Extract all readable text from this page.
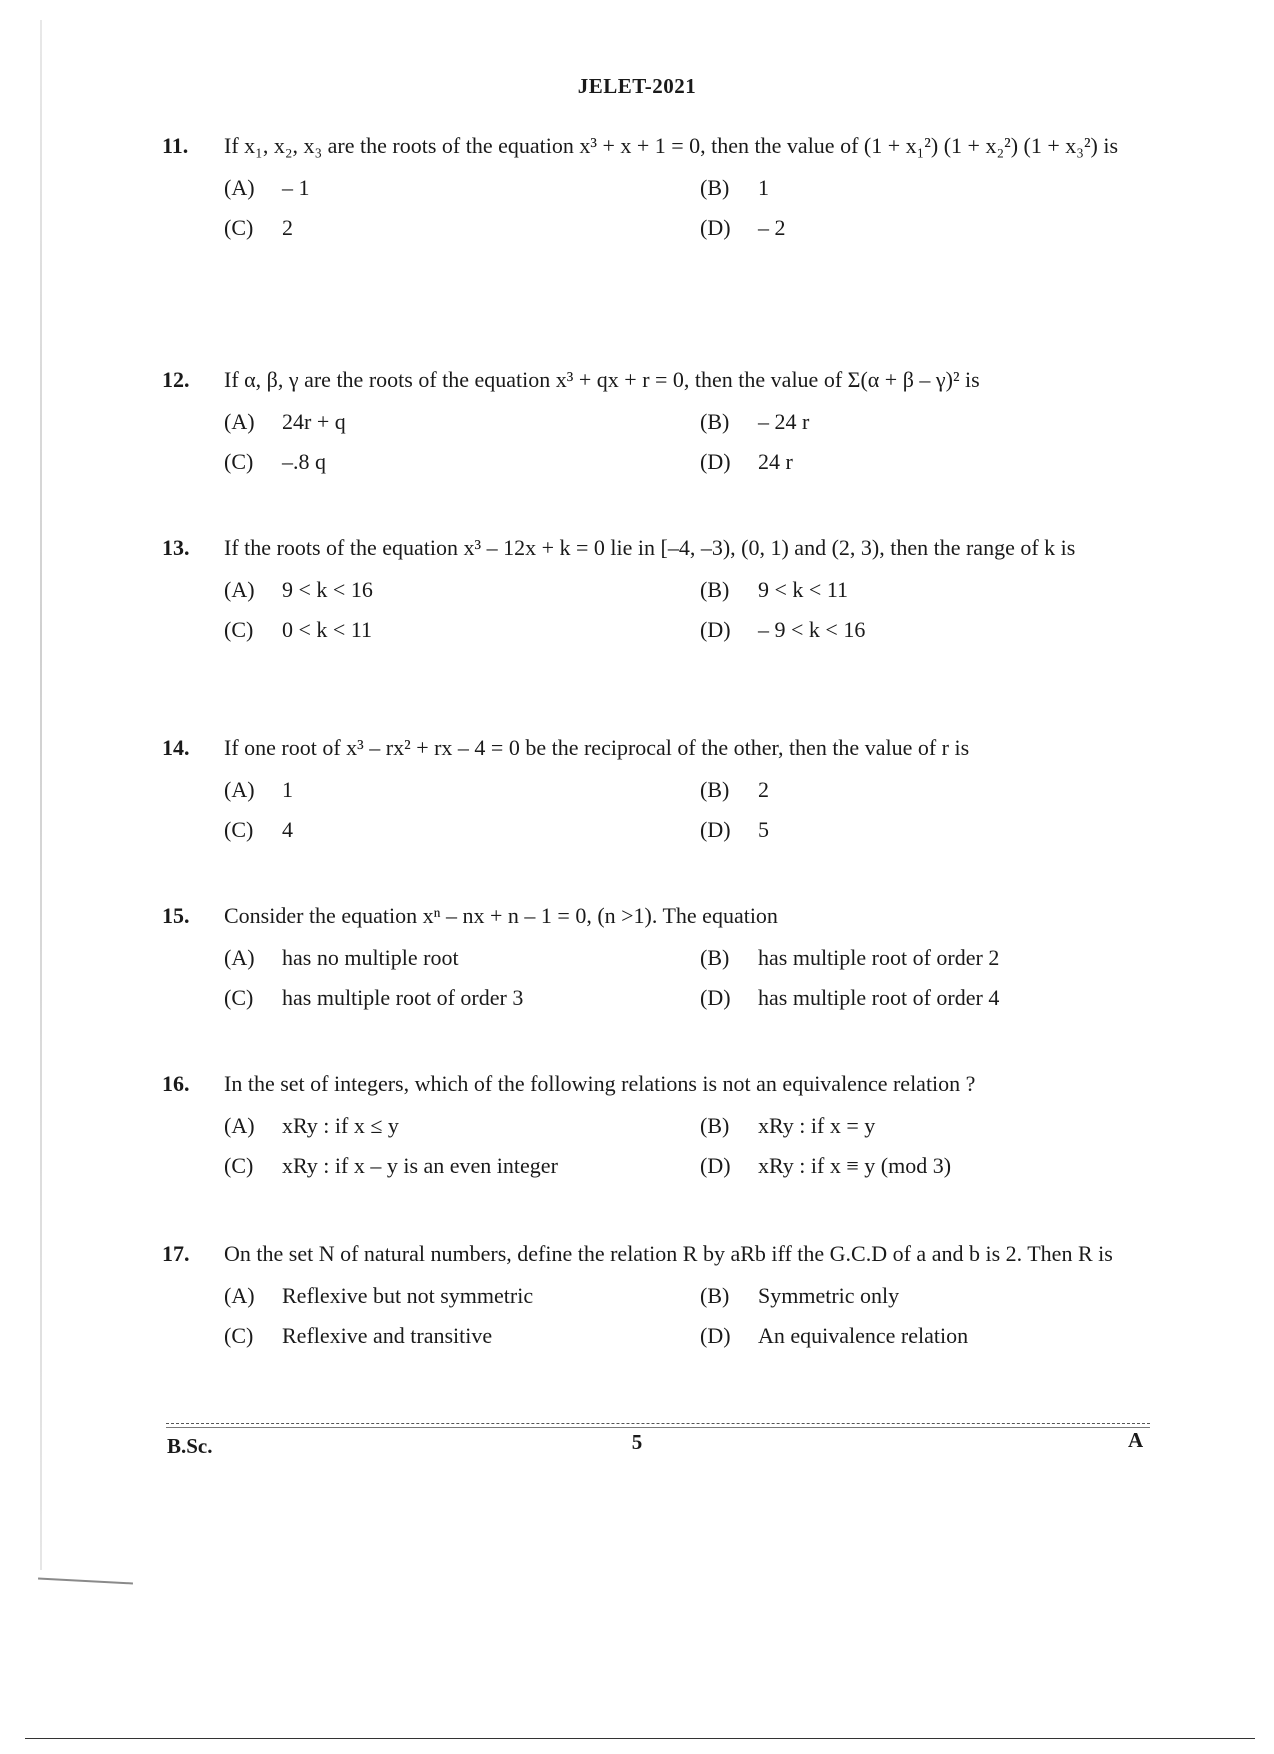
JELET-2021
11. If x₁, x₂, x₃ are the roots of the equation x³ + x + 1 = 0, then the value of (1 + x₁²) (1 + x₂²) (1 + x₃²) is
(A)	– 1	(B)	1
(C)	2	(D)	– 2
12. If α, β, γ are the roots of the equation x³ + qx + r = 0, then the value of Σ(α + β – γ)² is
(A)	24r + q	(B)	– 24 r
(C)	–.8 q	(D)	24 r
13. If the roots of the equation x³ – 12x + k = 0 lie in [–4, –3), (0, 1) and (2, 3), then the range of k is
(A)	9 < k < 16	(B)	9 < k < 11
(C)	0 < k < 11	(D)	– 9 < k < 16
14. If one root of x³ – rx² + rx – 4 = 0 be the reciprocal of the other, then the value of r is
(A)	1	(B)	2
(C)	4	(D)	5
15. Consider the equation xⁿ – nx + n – 1 = 0, (n >1). The equation
(A)	has no multiple root	(B)	has multiple root of order 2
(C)	has multiple root of order 3	(D)	has multiple root of order 4
16. In the set of integers, which of the following relations is not an equivalence relation ?
(A)	xRy : if x ≤ y	(B)	xRy : if x = y
(C)	xRy : if x – y is an even integer	(D)	xRy : if x ≡ y (mod 3)
17. On the set N of natural numbers, define the relation R by aRb iff the G.C.D of a and b is 2. Then R is
(A)	Reflexive but not symmetric	(B)	Symmetric only
(C)	Reflexive and transitive	(D)	An equivalence relation
B.Sc.	5	A
